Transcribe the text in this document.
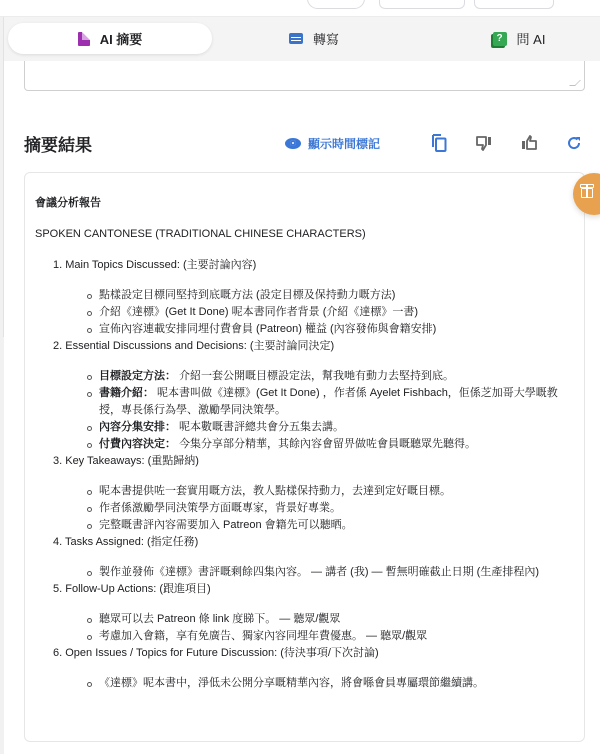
AI 摘要	轉寫	?	問 AI
摘要結果	顯示時間標記
會議分析報告
SPOKEN CANTONESE (TRADITIONAL CHINESE CHARACTERS)
1. Main Topics Discussed: (主要討論內容)
點樣設定目標同堅持到底嘅方法 (設定目標及保持動力嘅方法)
介紹《達標》(Get It Done) 呢本書同作者背景 (介紹《達標》一書)
宣佈內容連載安排同埋付費會員 (Patreon) 權益 (內容發佈與會籍安排)
2. Essential Discussions and Decisions: (主要討論同決定)
目標設定方法： 介紹一套公開嘅目標設定法，幫我哋有動力去堅持到底。
書籍介紹： 呢本書叫做《達標》(Get It Done) ，作者係 Ayelet Fishbach，佢係芝加哥大學嘅教授，專長係行為學、激勵學同決策學。
內容分集安排： 呢本數嘅書評總共會分五集去講。
付費內容決定： 今集分享部分精華，其餘內容會留畀做咗會員嘅聽眾先聽得。
3. Key Takeaways: (重點歸納)
呢本書提供咗一套實用嘅方法，教人點樣保持動力，去達到定好嘅目標。
作者係激勵學同決策學方面嘅專家，背景好專業。
完整嘅書評內容需要加入 Patreon 會籍先可以聽晒。
4. Tasks Assigned: (指定任務)
製作並發佈《達標》書評嘅剩餘四集內容。 — 講者 (我) — 暫無明確截止日期 (生產排程內)
5. Follow-Up Actions: (跟進項目)
聽眾可以去 Patreon 條 link 度睇下。 — 聽眾/觀眾
考慮加入會籍，享有免廣告、獨家內容同埋年費優惠。 — 聽眾/觀眾
6. Open Issues / Topics for Future Discussion: (待決事項/下次討論)
《達標》呢本書中，淨低未公開分享嘅精華內容，將會喺會員專屬環節繼續講。
